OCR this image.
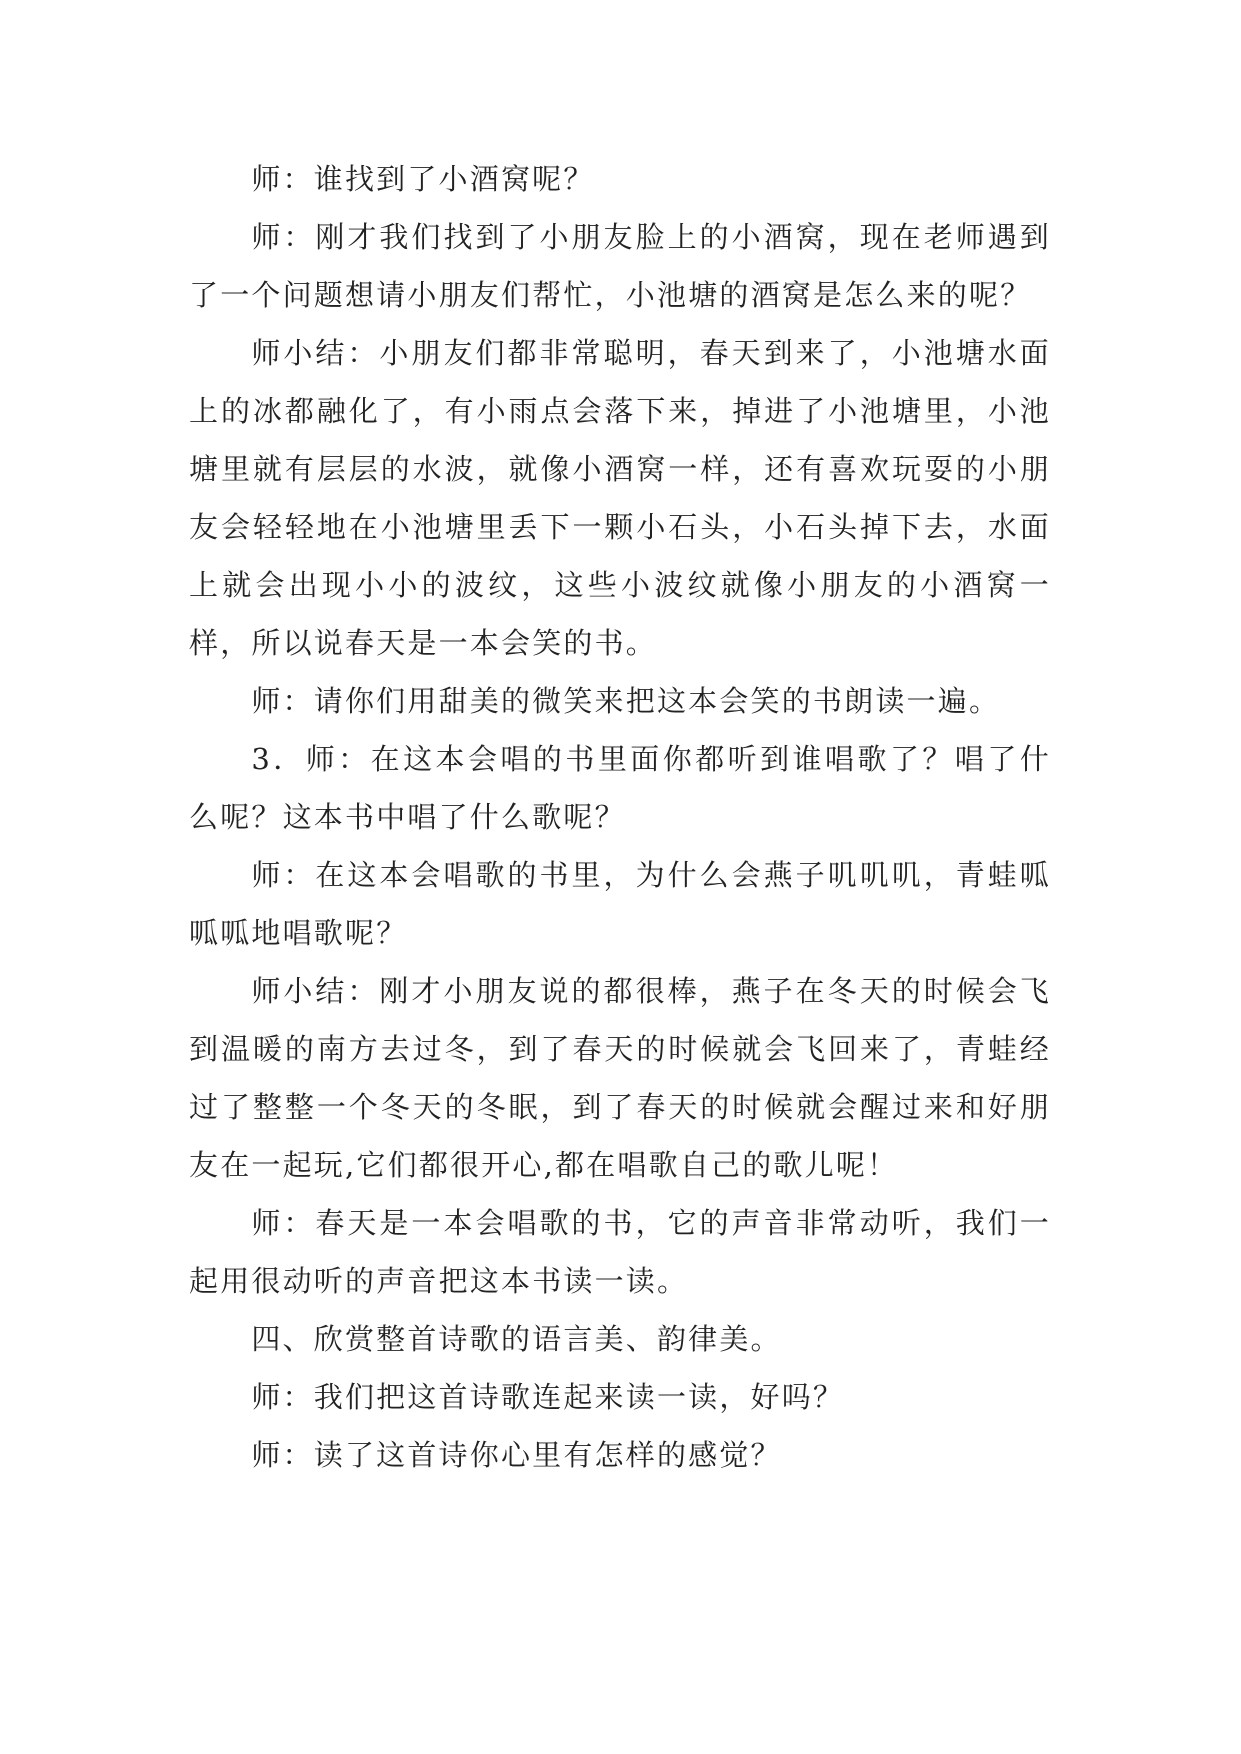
师：谁找到了小酒窝呢？

师：刚才我们找到了小朋友脸上的小酒窝，现在老师遇到了一个问题想请小朋友们帮忙，小池塘的酒窝是怎么来的呢？

师小结：小朋友们都非常聪明，春天到来了，小池塘水面上的冰都融化了，有小雨点会落下来，掉进了小池塘里，小池塘里就有层层的水波，就像小酒窝一样，还有喜欢玩耍的小朋友会轻轻地在小池塘里丢下一颗小石头，小石头掉下去，水面上就会出现小小的波纹，这些小波纹就像小朋友的小酒窝一样，所以说春天是一本会笑的书。

师：请你们用甜美的微笑来把这本会笑的书朗读一遍。

3．师：在这本会唱的书里面你都听到谁唱歌了？唱了什么呢？这本书中唱了什么歌呢？

师：在这本会唱歌的书里，为什么会燕子叽叽叽，青蛙呱呱呱地唱歌呢？

师小结：刚才小朋友说的都很棒，燕子在冬天的时候会飞到温暖的南方去过冬，到了春天的时候就会飞回来了，青蛙经过了整整一个冬天的冬眠，到了春天的时候就会醒过来和好朋友在一起玩,它们都很开心,都在唱歌自己的歌儿呢！

师：春天是一本会唱歌的书，它的声音非常动听，我们一起用很动听的声音把这本书读一读。

四、欣赏整首诗歌的语言美、韵律美。

师：我们把这首诗歌连起来读一读，好吗？

师：读了这首诗你心里有怎样的感觉？
